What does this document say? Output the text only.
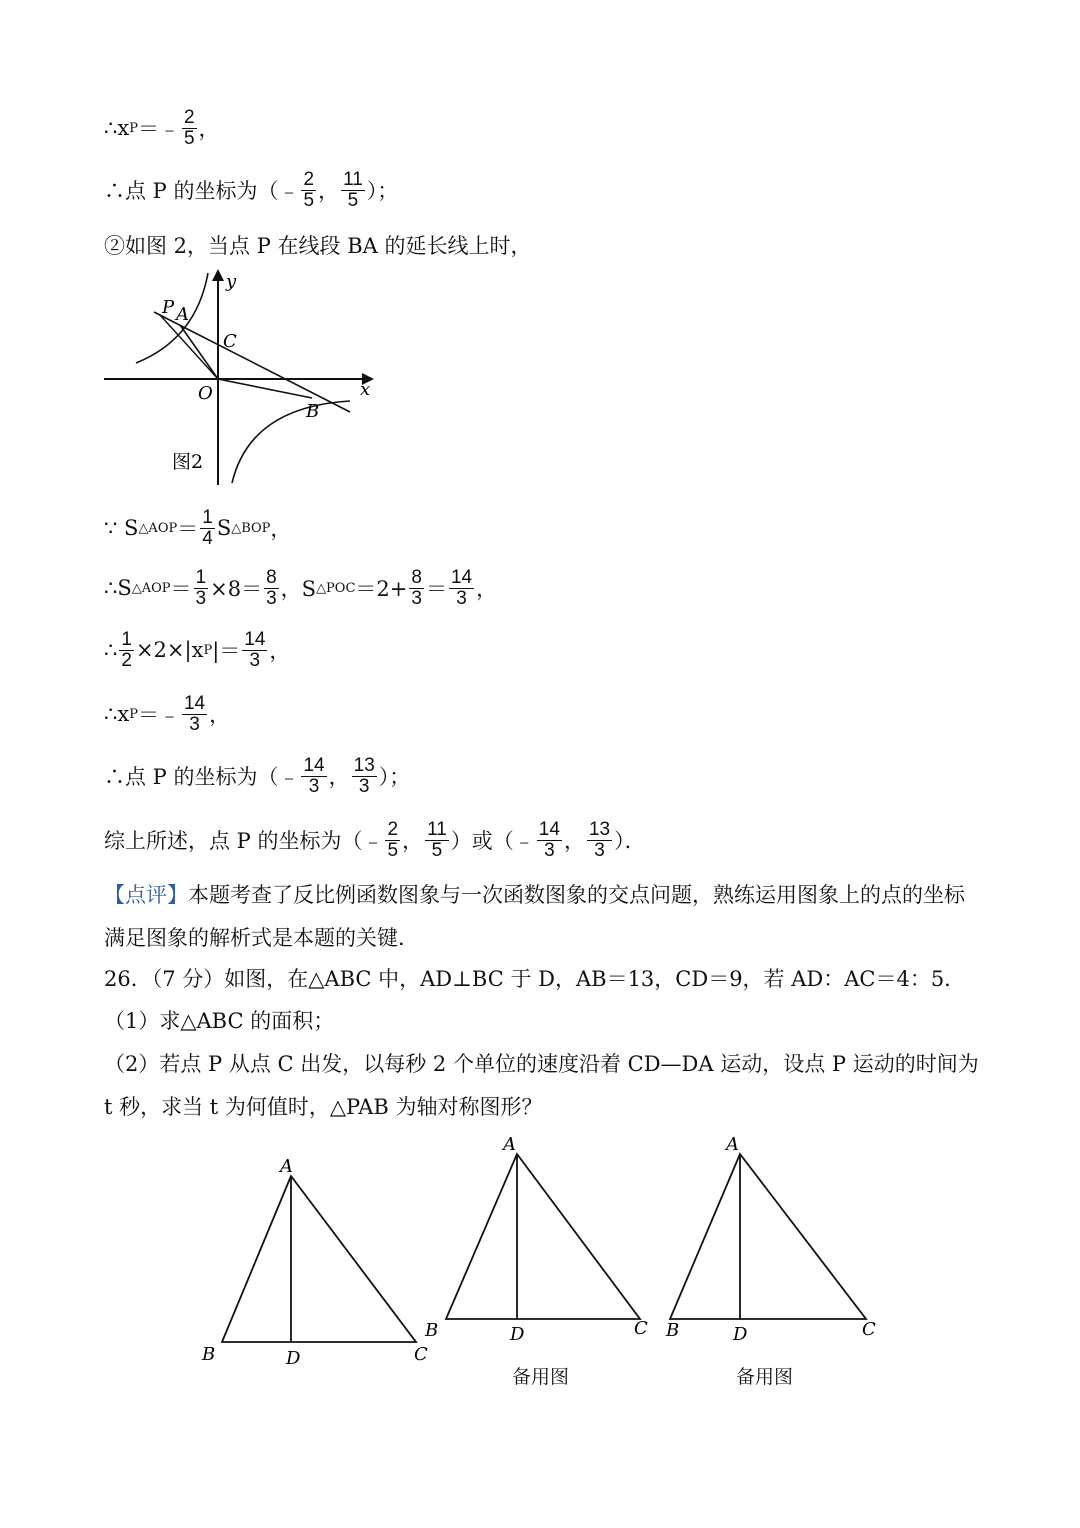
∴x P ＝﹣ $\frac{2}{5}$ ，
∴点 P 的坐标为（﹣ $\frac{2}{5}$ ， $\frac{11}{5}$ ）；
②如图 2，当点 P 在线段 BA 的延长线上时，
y
x
O
P A
C
B
图2
∵ S △AOP ＝ $\frac{1}{4}$ S △BOP ，
∴S △AOP ＝ $\frac{1}{3} \times 8= \frac{8}{3}$ ，S △POC $=2+ \frac{8}{3} = \frac{14}{3}$ ，
∴ $\frac{1}{2} \times 2\times|x$ P |＝ $\frac{14}{3}$ ，
∴x P ＝﹣ $\frac{14}{3}$ ，
∴点 P 的坐标为（﹣ $\frac{14}{3}$ ， $\frac{13}{3}$ ）；
综上所述，点 P 的坐标为（﹣ $\frac{2}{5}$ ， $\frac{11}{5}$ ）或（﹣ $\frac{14}{3}$ ， $\frac{13}{3}$ ）．
【点评】本题考查了反比例函数图象与一次函数图象的交点问题，熟练运用图象上的点的坐标满足图象的解析式是本题的关键．
26．（7 分）如图，在△ABC 中，AD⊥BC 于 D，AB＝13，CD＝9，若 AD：AC＝4：5．
（1）求△ABC 的面积；
（2）若点 P 从点 C 出发，以每秒 2 个单位的速度沿着 CD—DA 运动，设点 P 运动的时间为 t 秒，求当 t 为何值时，△PAB 为轴对称图形？
A
B	D	C
A
B	D	C
A
B	D	C
备用图	备用图
